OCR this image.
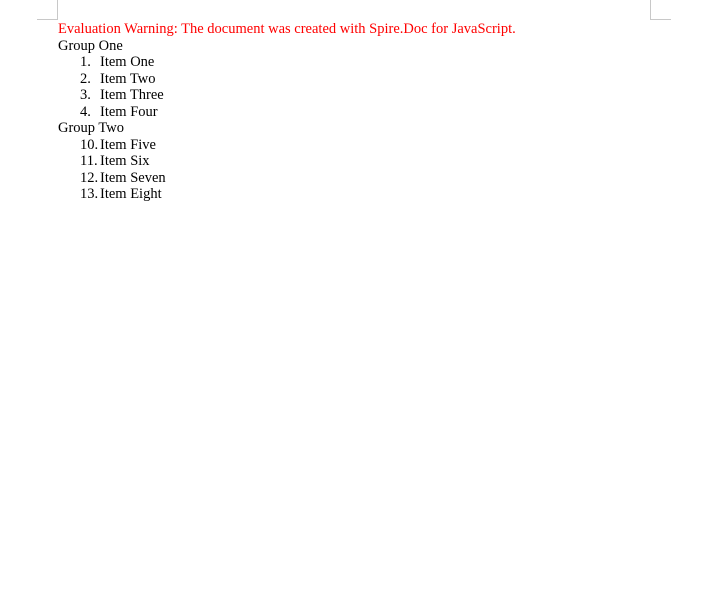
Evaluation Warning: The document was created with Spire.Doc for JavaScript.
Group One
1. Item One
2. Item Two
3. Item Three
4. Item Four
Group Two
10. Item Five
11. Item Six
12. Item Seven
13. Item Eight
